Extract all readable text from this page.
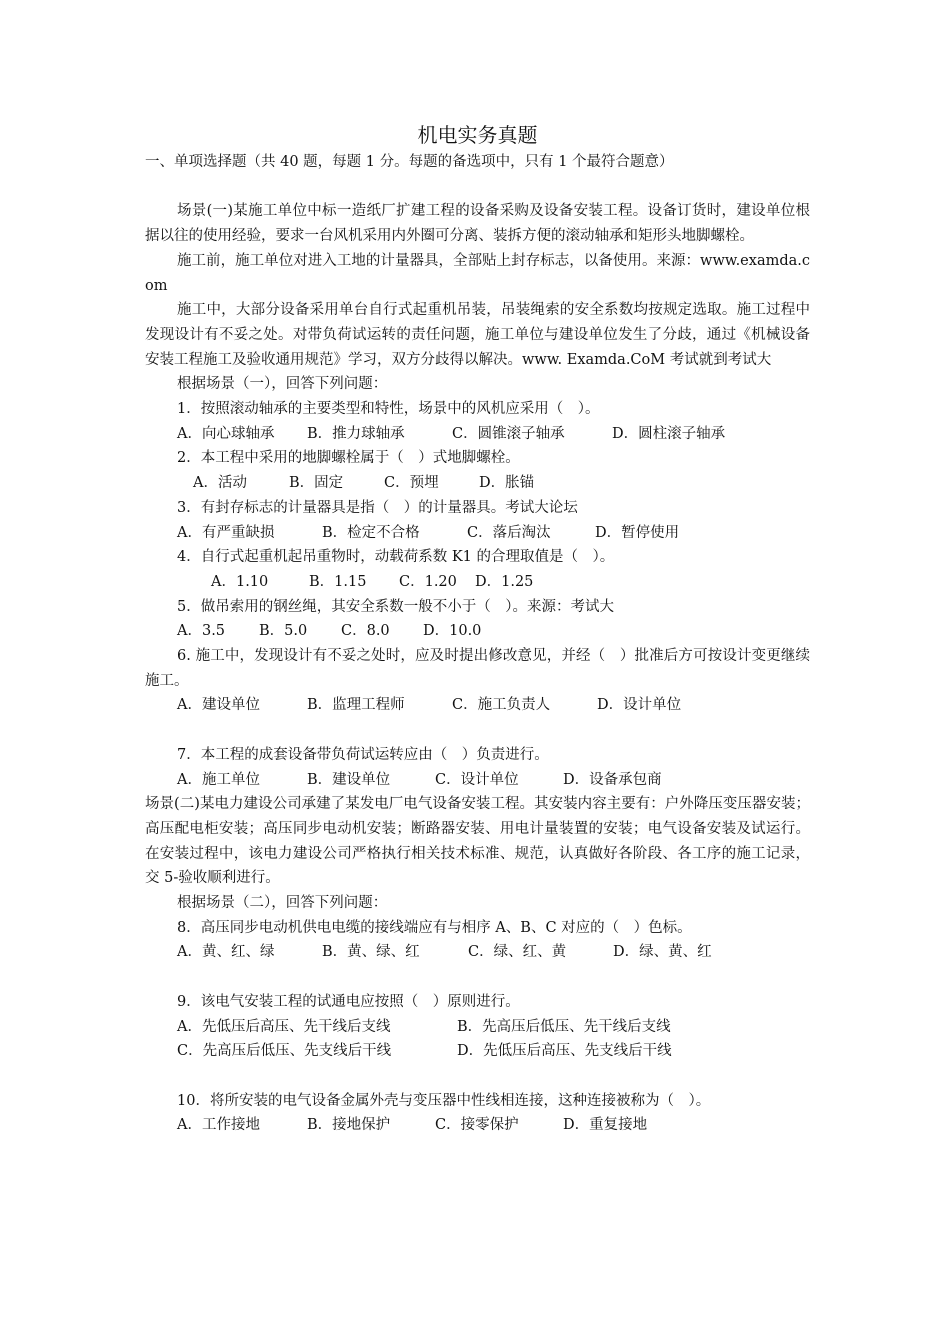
机电实务真题
一、单项选择题（共 40 题，每题 1 分。每题的备选项中，只有 1 个最符合题意）

场景(一)某施工单位中标一造纸厂扩建工程的设备采购及设备安装工程。设备订货时，建设单位根据以往的使用经验，要求一台风机采用内外圈可分离、装拆方便的滚动轴承和矩形头地脚螺栓。

施工前，施工单位对进入工地的计量器具，全部贴上封存标志，以备使用。来源：www.examda.com

施工中，大部分设备采用单台自行式起重机吊装，吊装绳索的安全系数均按规定选取。施工过程中发现设计有不妥之处。对带负荷试运转的责任问题，施工单位与建设单位发生了分歧，通过《机械设备安装工程施工及验收通用规范》学习，双方分歧得以解决。www. Examda.CoM 考试就到考试大

根据场景（一），回答下列问题：
1．按照滚动轴承的主要类型和特性，场景中的风机应采用（　）。
A．向心球轴承 B．推力球轴承	C．圆锥滚子轴承	D．圆柱滚子轴承
2．本工程中采用的地脚螺栓属于（　）式地脚螺栓。
A．活动	B．固定	C．预埋	D．胀锚
3．有封存标志的计量器具是指（　）的计量器具。考试大论坛
A．有严重缺损	B．检定不合格	C．落后淘汰	D．暂停使用
4．自行式起重机起吊重物时，动载荷系数 K1 的合理取值是（　）。
A．1.10	B．1.15 C．1.20 D．1.25
5．做吊索用的钢丝绳，其安全系数一般不小于（　）。来源：考试大
A．3.5 B．5.0 C．8.0 D．10.0

6. 施工中，发现设计有不妥之处时，应及时提出修改意见，并经（　）批准后方可按设计变更继续施工。

A．建设单位	B．监理工程师	C．施工负责人	D．设计单位
7．本工程的成套设备带负荷试运转应由（　）负责进行。
A．施工单位	B．建设单位	C．设计单位	D．设备承包商

场景(二)某电力建设公司承建了某发电厂电气设备安装工程。其安装内容主要有：户外降压变压器安装；高压配电柜安装；高压同步电动机安装；断路器安装、用电计量装置的安装；电气设备安装及试运行。在安装过程中，该电力建设公司严格执行相关技术标准、规范，认真做好各阶段、各工序的施工记录，交 5-验收顺利进行。

根据场景（二），回答下列问题：
8．高压同步电动机供电电缆的接线端应有与相序 A、B、C 对应的（　）色标。
A．黄、红、绿	B．黄、绿、红	C．绿、红、黄	D．绿、黄、红
9．该电气安装工程的试通电应按照（　）原则进行。
A．先低压后高压、先干线后支线	B．先高压后低压、先干线后支线
C．先高压后低压、先支线后干线	D．先低压后高压、先支线后干线
10．将所安装的电气设备金属外壳与变压器中性线相连接，这种连接被称为（　）。
A．工作接地	B．接地保护	C．接零保护	D．重复接地
